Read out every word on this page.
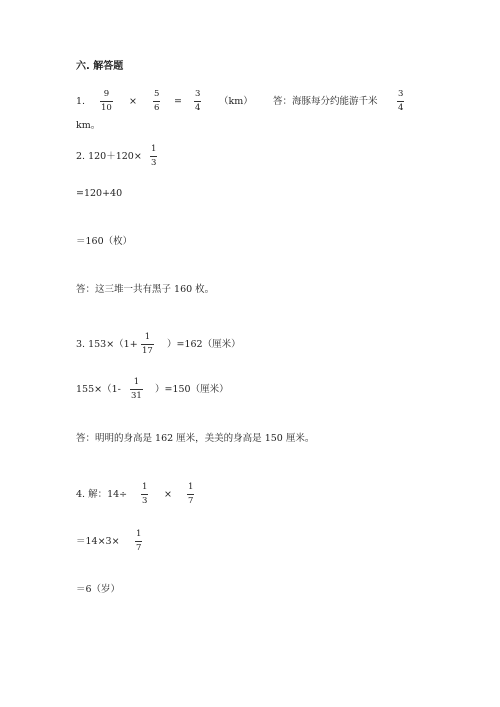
六. 解答题
1.
9
10
×
5
6
=
3
4
（km） 答：海豚每分约能游千米
3
4
km。
2. 120＋120×
1
3
=120+40
＝160（枚）
答：这三堆一共有黑子 160 枚。
3. 153×（1+
1
17
）=162（厘米）
155×（1-
1
31
）=150（厘米）
答：明明的身高是 162 厘米，美美的身高是 150 厘米。
4. 解：14÷
1
3
×
1
7
＝14×3×
1
7
＝6（岁）
